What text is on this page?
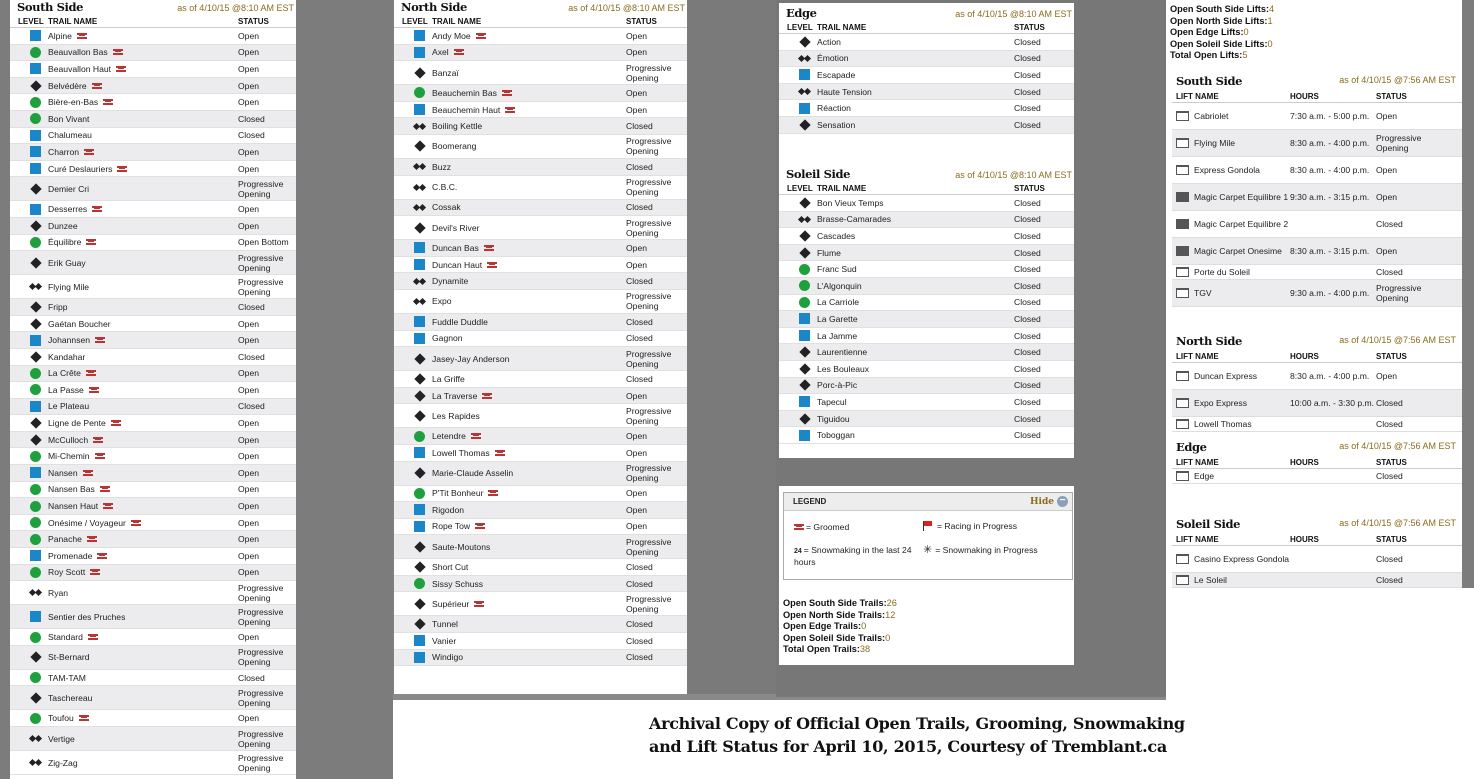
South Side	as of 4/10/15 @8:10 AM EST
LEVEL TRAIL NAME	STATUS
Alpine	Open
Beauvallon Bas	Open
Beauvallon Haut	Open
Belvédère	Open
Bière-en-Bas	Open
Bon Vivant	Closed
Chalumeau	Closed
Charron	Open
Curé Deslauriers	Open
Demier Cri	Progressive Opening
Desserres	Open
Dunzee	Open
Équilibre	Open Bottom
Erik Guay	Progressive Opening
Flying Mile	Progressive Opening
Fripp	Closed
Gaétan Boucher	Open
Johannsen	Open
Kandahar	Closed
La Crête	Open
La Passe	Open
Le Plateau	Closed
Ligne de Pente	Open
McCulloch	Open
Mi-Chemin	Open
Nansen	Open
Nansen Bas	Open
Nansen Haut	Open
Onésime / Voyageur	Open
Panache	Open
Promenade	Open
Roy Scott	Open
Ryan	Progressive Opening
Sentier des Pruches	Progressive Opening
Standard	Open
St-Bernard	Progressive Opening
TAM-TAM	Closed
Taschereau	Progressive Opening
Toufou	Open
Vertige	Progressive Opening
Zig-Zag	Progressive Opening
North Side	as of 4/10/15 @8:10 AM EST
LEVEL TRAIL NAME	STATUS
Andy Moe	Open
Axel	Open
Banzaï	Progressive Opening
Beauchemin Bas	Open
Beauchemin Haut	Open
Boiling Kettle	Closed
Boomerang	Progressive Opening
Buzz	Closed
C.B.C.	Progressive Opening
Cossak	Closed
Devil's River	Progressive Opening
Duncan Bas	Open
Duncan Haut	Open
Dynamite	Closed
Expo	Progressive Opening
Fuddle Duddle	Closed
Gagnon	Closed
Jasey-Jay Anderson	Progressive Opening
La Griffe	Closed
La Traverse	Open
Les Rapides	Progressive Opening
Letendre	Open
Lowell Thomas	Open
Marie-Claude Asselin	Progressive Opening
P'Tit Bonheur	Open
Rigodon	Open
Rope Tow	Open
Saute-Moutons	Progressive Opening
Short Cut	Closed
Sissy Schuss	Closed
Supérieur	Progressive Opening
Tunnel	Closed
Vanier	Closed
Windigo	Closed
Edge	as of 4/10/15 @8:10 AM EST
LEVEL TRAIL NAME	STATUS
Action	Closed
Émotion	Closed
Escapade	Closed
Haute Tension	Closed
Réaction	Closed
Sensation	Closed
Soleil Side	as of 4/10/15 @8:10 AM EST
LEVEL TRAIL NAME	STATUS
Bon Vieux Temps	Closed
Brasse-Camarades	Closed
Cascades	Closed
Flume	Closed
Franc Sud	Closed
L'Algonquin	Closed
La Carriole	Closed
La Garette	Closed
La Jamme	Closed
Laurentienne	Closed
Les Bouleaux	Closed
Porc-à-Pic	Closed
Tapecul	Closed
Tiguidou	Closed
Toboggan	Closed
LEGEND	Hide −
= Groomed	= Racing in Progress
24 = Snowmaking in the last 24 hours
✳ = Snowmaking in Progress
Open South Side Trails:26
Open North Side Trails:12
Open Edge Trails:0
Open Soleil Side Trails:0
Total Open Trails:38
Open South Side Lifts:4
Open North Side Lifts:1
Open Edge Lifts:0
Open Soleil Side Lifts:0
Total Open Lifts:5
South Side	as of 4/10/15 @7:56 AM EST
LIFT NAME	HOURS	STATUS
Cabriolet	7:30 a.m. - 5:00 p.m. Open
Flying Mile	8:30 a.m. - 4:00 p.m. Progressive Opening
Express Gondola	8:30 a.m. - 4:00 p.m. Open
Magic Carpet Equilibre 1 9:30 a.m. - 3:15 p.m. Open
Magic Carpet Equilibre 2	Closed
Magic Carpet Onesime 8:30 a.m. - 3:15 p.m. Open
Porte du Soleil	Closed
TGV	9:30 a.m. - 4:00 p.m. Progressive Opening
North Side	as of 4/10/15 @7:56 AM EST
LIFT NAME	HOURS	STATUS
Duncan Express	8:30 a.m. - 4:00 p.m. Open
Expo Express	10:00 a.m. - 3:30 p.m. Closed
Lowell Thomas	Closed
Edge	as of 4/10/15 @7:56 AM EST
LIFT NAME	HOURS	STATUS
Edge	Closed
Soleil Side	as of 4/10/15 @7:56 AM EST
LIFT NAME	HOURS	STATUS
Casino Express Gondola	Closed
Le Soleil	Closed
Archival Copy of Official Open Trails, Grooming, Snowmaking
and Lift Status for April 10, 2015, Courtesy of Tremblant.ca
